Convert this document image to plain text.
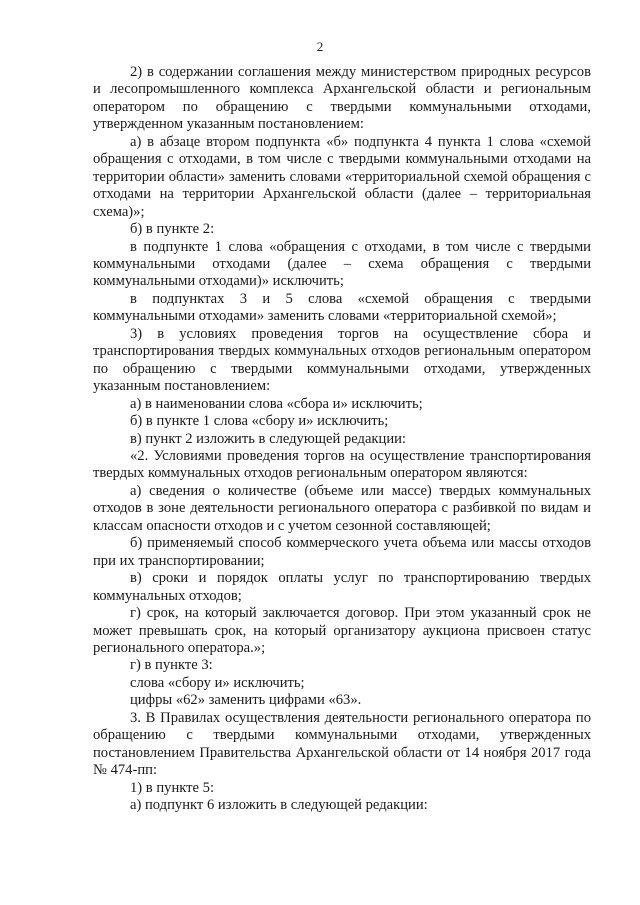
2

2) в содержании соглашения между министерством природных ресурсов и лесопромышленного комплекса Архангельской области и региональным оператором по обращению с твердыми коммунальными отходами, утвержденном указанным постановлением:

а) в абзаце втором подпункта «б» подпункта 4 пункта 1 слова «схемой обращения с отходами, в том числе с твердыми коммунальными отходами на территории области» заменить словами «территориальной схемой обращения с отходами на территории Архангельской области (далее – территориальная схема)»;

б) в пункте 2:

в подпункте 1 слова «обращения с отходами, в том числе с твердыми коммунальными отходами (далее – схема обращения с твердыми коммунальными отходами)» исключить;

в подпунктах 3 и 5 слова «схемой обращения с твердыми коммунальными отходами» заменить словами «территориальной схемой»;

3) в условиях проведения торгов на осуществление сбора и транспортирования твердых коммунальных отходов региональным оператором по обращению с твердыми коммунальными отходами, утвержденных указанным постановлением:

а) в наименовании слова «сбора и» исключить;

б) в пункте 1 слова «сбору и» исключить;

в) пункт 2 изложить в следующей редакции:

«2. Условиями проведения торгов на осуществление транспортирования твердых коммунальных отходов региональным оператором являются:

а) сведения о количестве (объеме или массе) твердых коммунальных отходов в зоне деятельности регионального оператора с разбивкой по видам и классам опасности отходов и с учетом сезонной составляющей;

б) применяемый способ коммерческого учета объема или массы отходов при их транспортировании;

в) сроки и порядок оплаты услуг по транспортированию твердых коммунальных отходов;

г) срок, на который заключается договор. При этом указанный срок не может превышать срок, на который организатору аукциона присвоен статус регионального оператора.»;

г) в пункте 3:

слова «сбору и» исключить;

цифры «62» заменить цифрами «63».

3. В Правилах осуществления деятельности регионального оператора по обращению с твердыми коммунальными отходами, утвержденных постановлением Правительства Архангельской области от 14 ноября 2017 года № 474-пп:

1) в пункте 5:

а) подпункт 6 изложить в следующей редакции:
